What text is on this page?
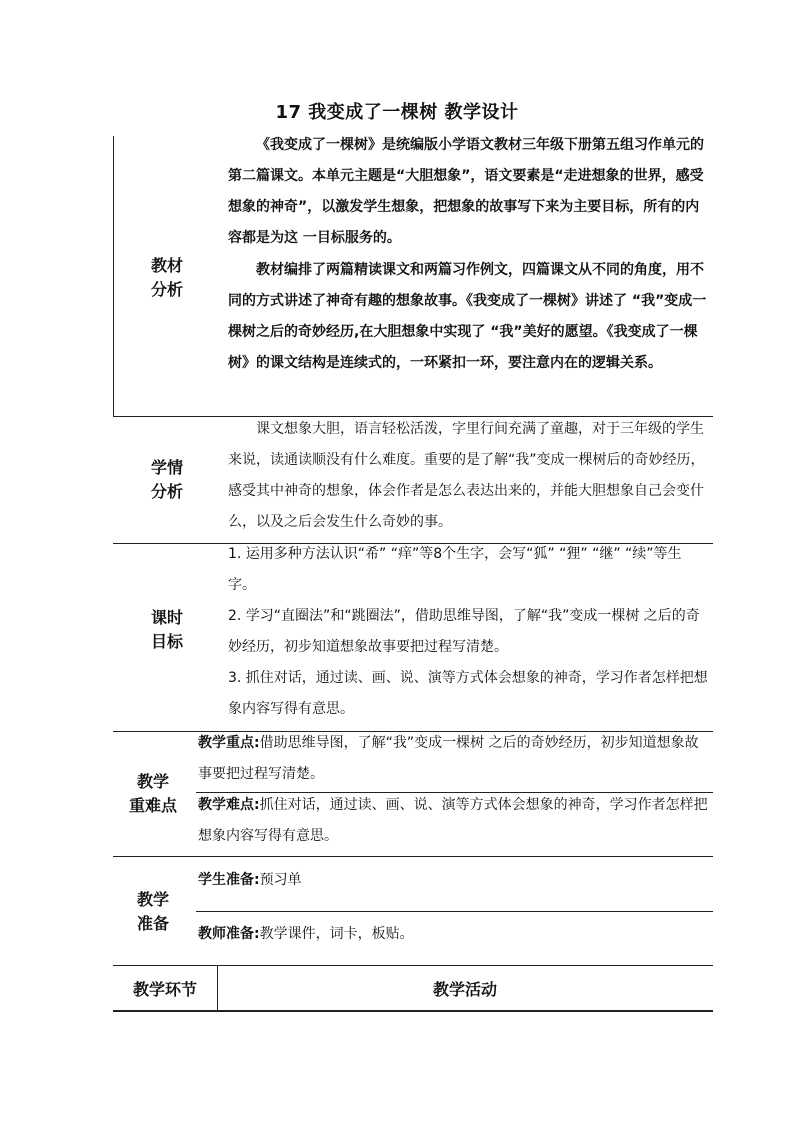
17 我变成了一棵树 教学设计
教材
分析

《我变成了一棵树》是统编版小学语文教材三年级下册第五组习作单元的第二篇课文。本单元主题是“大胆想象”，语文要素是“走进想象的世界，感受想象的神奇”，以激发学生想象，把想象的故事写下来为主要目标，所有的内容都是为这 一目标服务的。

教材编排了两篇精读课文和两篇习作例文，四篇课文从不同的角度，用不同的方式讲述了神奇有趣的想象故事。《我变成了一棵树》讲述了 “我”变成一棵树之后的奇妙经历,在大胆想象中实现了 “我”美好的愿望。《我变成了一棵树》的课文结构是连续式的，一环紧扣一环，要注意内在的逻辑关系。

学情
分析

课文想象大胆，语言轻松活泼，字里行间充满了童趣，对于三年级的学生来说，读通读顺没有什么难度。重要的是了解“我”变成一棵树后的奇妙经历，感受其中神奇的想象，体会作者是怎么表达出来的，并能大胆想象自己会变什么，以及之后会发生什么奇妙的事。

课时
目标

1. 运用多种方法认识“希” “痒”等8个生字，会写“狐” “狸” “继” “续”等生字。

2. 学习“直圈法”和“跳圈法”，借助思维导图，了解“我”变成一棵树 之后的奇妙经历，初步知道想象故事要把过程写清楚。

3. 抓住对话，通过读、画、说、演等方式体会想象的神奇，学习作者怎样把想象内容写得有意思。

教学
重难点

教学重点:借助思维导图，了解“我”变成一棵树 之后的奇妙经历，初步知道想象故事要把过程写清楚。

教学难点:抓住对话，通过读、画、说、演等方式体会想象的神奇，学习作者怎样把想象内容写得有意思。

教学
准备

学生准备:预习单

教师准备:教学课件，词卡，板贴。

教学环节	教学活动
